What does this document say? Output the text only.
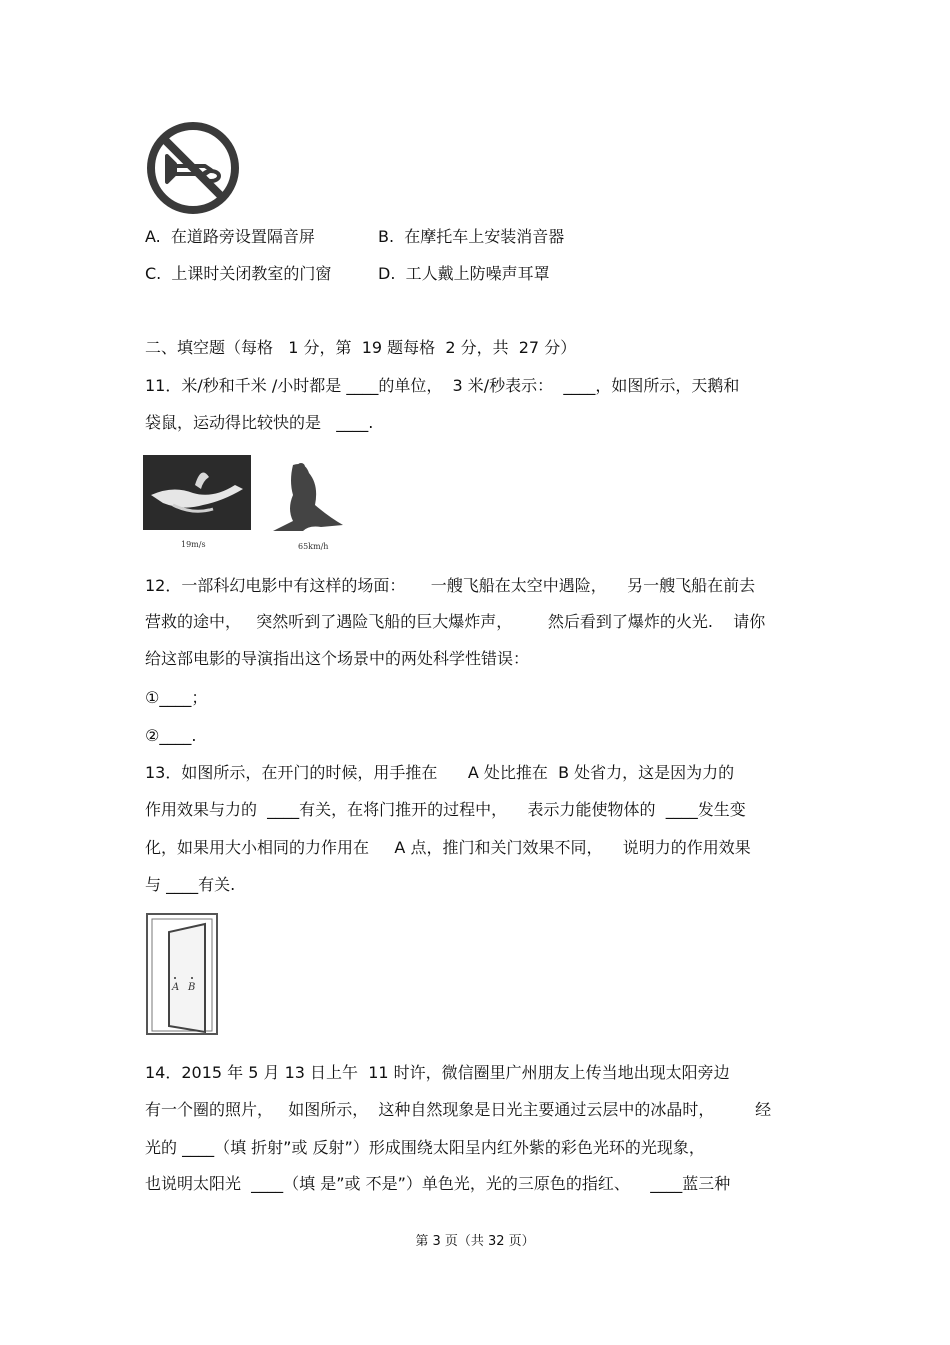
A.  在道路旁设置隔音屏	B.  在摩托车上安装消音器
C.  上课时关闭教室的门窗	D.  工人戴上防噪声耳罩
二、填空题（每格   1 分，第  19 题每格  2 分，共  27 分）
11．米/秒和千米 /小时都是 ____的单位，  3 米/秒表示：  ____，如图所示，天鹅和
袋鼠，运动得比较快的是   ____.
19m/s	65km/h
12．一部科幻电影中有这样的场面：     一艘飞船在太空中遇险，    另一艘飞船在前去
营救的途中，   突然听到了遇险飞船的巨大爆炸声，       然后看到了爆炸的火光.    请你
给这部电影的导演指出这个场景中的两处科学性错误：
①____；
②____.
13．如图所示，在开门的时候，用手推在      A 处比推在  B 处省力，这是因为力的
作用效果与力的  ____有关，在将门推开的过程中，    表示力能使物体的  ____发生变
化，如果用大小相同的力作用在     A 点，推门和关门效果不同，    说明力的作用效果
与 ____有关.
A B
14．2015 年 5 月 13 日上午  11 时许，微信圈里广州朋友上传当地出现太阳旁边
有一个圈的照片，   如图所示，  这种自然现象是日光主要通过云层中的冰晶时，        经
光的 ____（填 折射”或 反射”）形成围绕太阳呈内红外紫的彩色光环的光现象，
也说明太阳光  ____（填 是”或 不是”）单色光，光的三原色的指红、    ____蓝三种
第 3 页（共 32 页）
